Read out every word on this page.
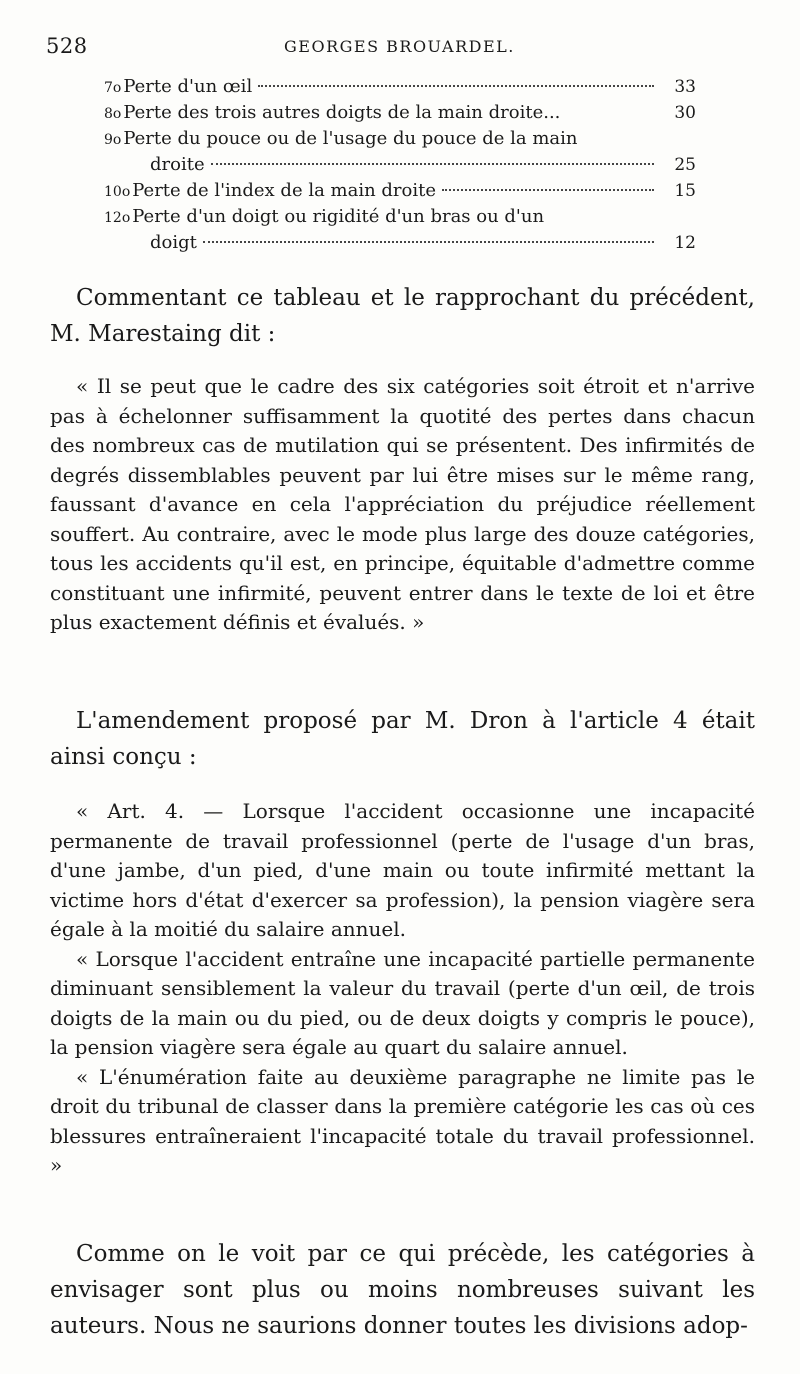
528	GEORGES BROUARDEL.
7o Perte d'un œil	33
8o Perte des trois autres doigts de la main droite...	30
9o Perte du pouce ou de l'usage du pouce de la main
droite	25
10o Perte de l'index de la main droite	15
12o Perte d'un doigt ou rigidité d'un bras ou d'un
doigt	12

Commentant ce tableau et le rapprochant du précédent, M. Marestaing dit :

« Il se peut que le cadre des six catégories soit étroit et n'arrive pas à échelonner suffisamment la quotité des pertes dans chacun des nombreux cas de mutilation qui se présentent. Des infirmités de degrés dissemblables peuvent par lui être mises sur le même rang, faussant d'avance en cela l'appréciation du préjudice réellement souffert. Au contraire, avec le mode plus large des douze catégories, tous les accidents qu'il est, en principe, équitable d'admettre comme constituant une infirmité, peuvent entrer dans le texte de loi et être plus exactement définis et évalués. »

L'amendement proposé par M. Dron à l'article 4 était ainsi conçu :

« Art. 4. — Lorsque l'accident occasionne une incapacité permanente de travail professionnel (perte de l'usage d'un bras, d'une jambe, d'un pied, d'une main ou toute infirmité mettant la victime hors d'état d'exercer sa profession), la pension viagère sera égale à la moitié du salaire annuel.

« Lorsque l'accident entraîne une incapacité partielle permanente diminuant sensiblement la valeur du travail (perte d'un œil, de trois doigts de la main ou du pied, ou de deux doigts y compris le pouce), la pension viagère sera égale au quart du salaire annuel.

« L'énumération faite au deuxième paragraphe ne limite pas le droit du tribunal de classer dans la première catégorie les cas où ces blessures entraîneraient l'incapacité totale du travail professionnel. »

Comme on le voit par ce qui précède, les catégories à envisager sont plus ou moins nombreuses suivant les auteurs. Nous ne saurions donner toutes les divisions adop-
